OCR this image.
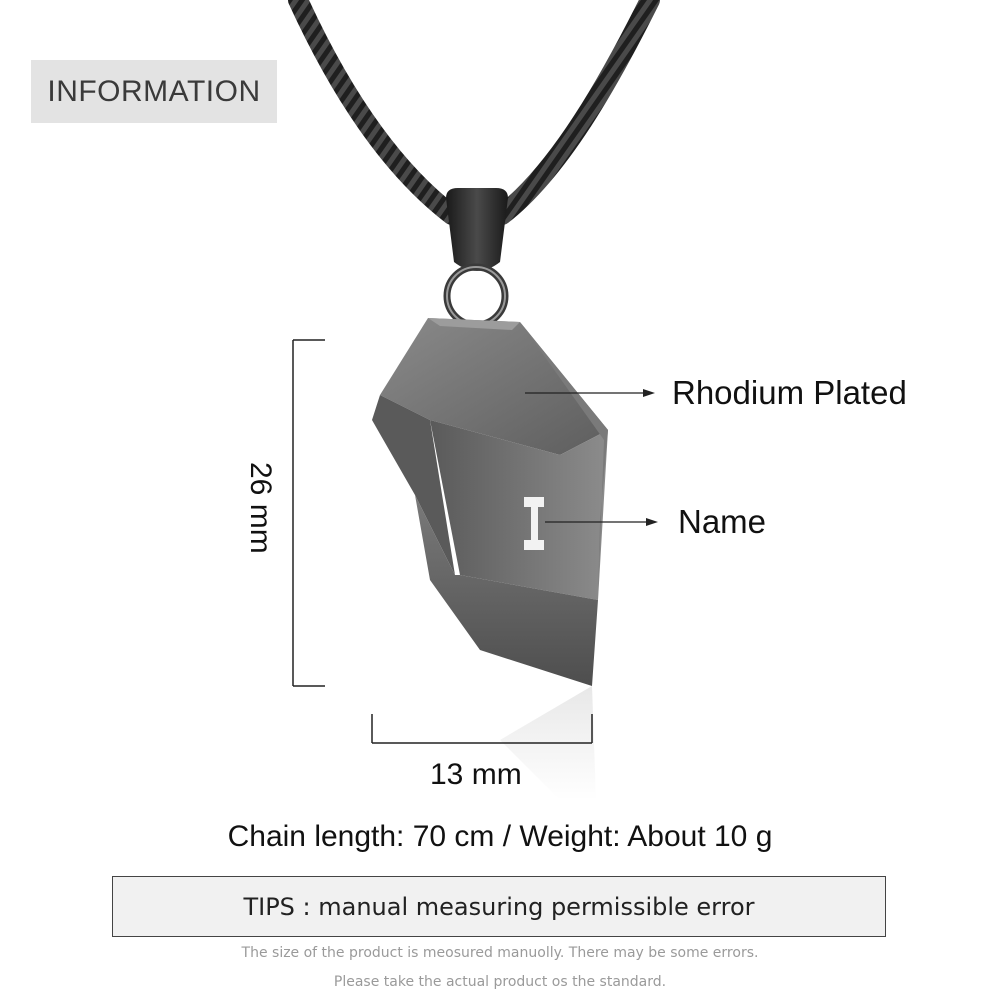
INFORMATION
26 mm
13 mm
Rhodium Plated
Name
Chain length: 70 cm / Weight: About 10 g
TIPS : manual measuring permissible error
The size of the product is meosured manuolly. There may be some errors.
Please take the actual product os the standard.
